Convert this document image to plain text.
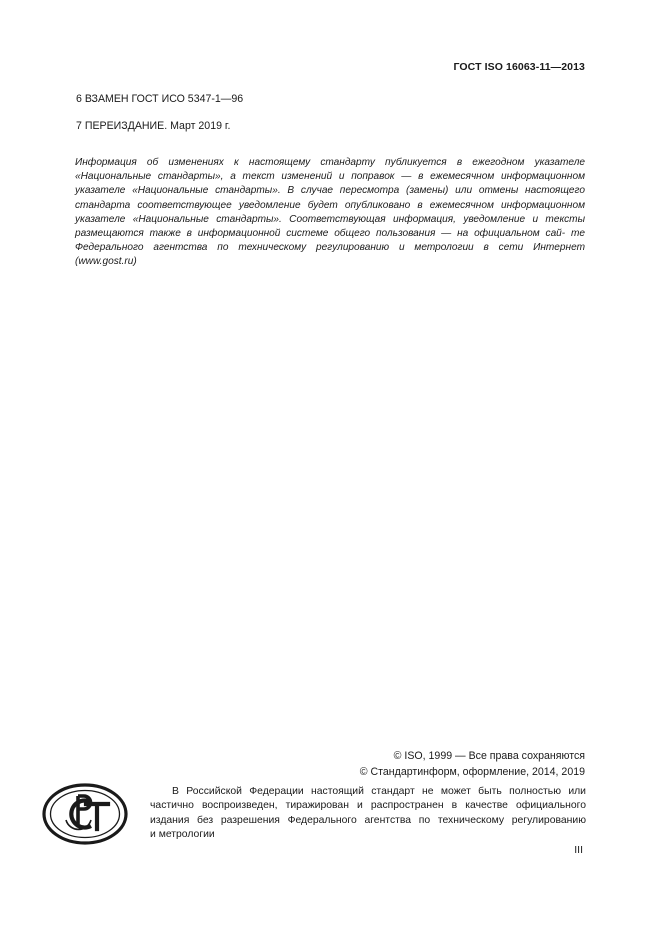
ГОСТ ISO 16063-11—2013
6 ВЗАМЕН ГОСТ ИСО 5347-1—96
7 ПЕРЕИЗДАНИЕ. Март 2019 г.
Информация об изменениях к настоящему стандарту публикуется в ежегодном указателе «Национальные стандарты», а текст изменений и поправок — в ежемесячном информационном указателе «Национальные стандарты». В случае пересмотра (замены) или отмены настоящего стандарта соответствующее уведомление будет опубликовано в ежемесячном информационном указателе «Национальные стандарты». Соответствующая информация, уведомление и тексты размещаются также в информационной системе общего пользования — на официальном сай- те Федерального агентства по техническому регулированию и метрологии в сети Интернет (www.gost.ru)
© ISO, 1999 — Все права сохраняются
© Стандартинформ, оформление, 2014, 2019
В Российской Федерации настоящий стандарт не может быть полностью или
частично воспроизведен, тиражирован и распространен в качестве официального
издания без разрешения Федерального агентства по техническому регулированию
и метрологии
III
